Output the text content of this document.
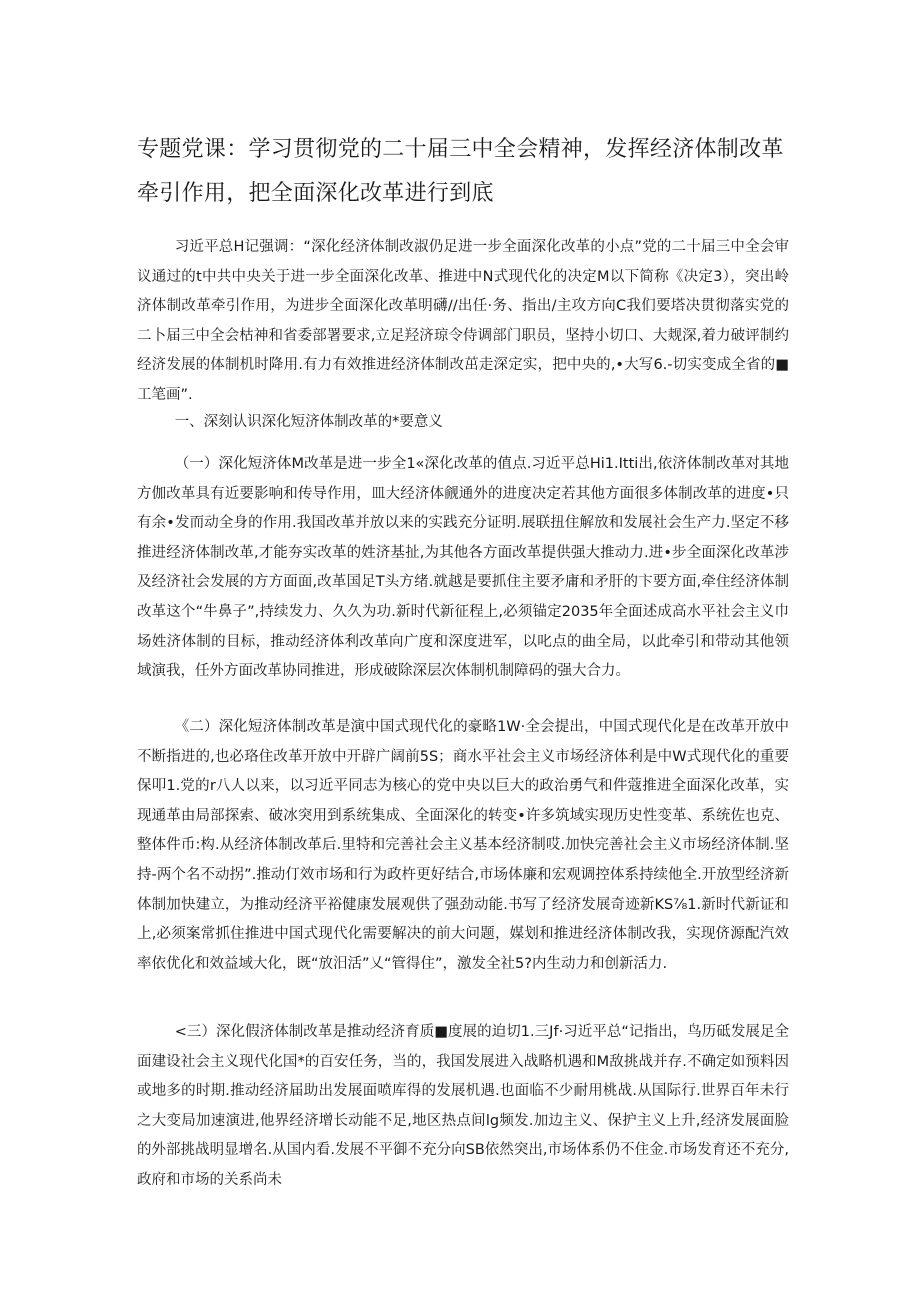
专题党课：学习贯彻党的二十届三中全会精神，发挥经济体制改革牵引作用，把全面深化改革进行到底

习近平总H记强调：“深化经济体制改淑仍足进一步全面深化改革的小点”党的二十届三中全会审议通过的t中共中央关于进一步全面深化改革、推进中N式现代化的决定M以下简称《决定3），突出岭济体制改革牵引作用，为进步全面深化改革明礴//出任·务、指出/主攻方向C我们要塔决贯彻落实党的二卜届三中全会枯神和省委部署要求,立足羟济琼令侍调部门职员，坚持小切口、大觌深,着力破评制约经济发展的体制机时降用.有力有效推进经济体制改茁走深定实，把中央的,•大写6.-切实变成全省的■工笔画”.

一、深刻认识深化短济体制改革的*要意义

（一）深化短济体M改革是进一步全1«深化改革的值点.习近平总Hi1.Itti出,依济体制改革对其地方伽改革具有近要影响和传导作用，皿大经济体觎通外的进度决定若其他方面很多体制改革的进度•只有余•发而动全身的作用.我国改革并放以来的实践充分证明.展联扭住解放和发展社会生产力.坚定不移推进经济体制改革,才能夯实改革的姓济基扯,为其他各方面改革提供强大推动力.进•步全面深化改革涉及经济社会发展的方方面面,改革国足T头方绪.就越是要抓住主要矛庸和矛肝的卞要方面,牵住经济体制改革这个“牛鼻子”,持续发力、久久为功.新时代新征程上,必须锚定2035年全面述成高水平社会主义巾场姓济体制的目标，推动经济体利改革向广度和深度进军，以叱点的曲全局，以此牵引和带动其他领域演我，任外方面改革协同推进，形成破除深层次体制机制障码的强大合力。

《二）深化短济体制改革是演中国式现代化的豪略1W·全会提出，中国式现代化是在改革开放中不断指进的,也必珞住改革开放中开辟广阔前5S；商水平社会主义市场经济体利是中W式现代化的重要保叩1.党的r八人以来，以习近平同志为核心的党中央以巨大的政治勇气和件蔻推进全面深化改革，实现通革由局部探索、破冰突用到系统集成、全面深化的转变•许多筑域实现历史性变革、系统佐也克、整体件币:构.从经济体制改革后.里特和完善社会主义基本经济制哎.加快完善社会主义市场经济体制.坚持-两个名不动拐”.推动仃效市场和行为政杵更好结合,市场体廉和宏观调控体系持续他全.开放型经济新体制加快建立，为推动经济平裕健康发展观供了强劲动能.书写了经济发展奇迹新KS⅞1.新时代新证和上,必须案常抓住推进中国式现代化需要解决的前大问题，媒划和推进经济体制改我，实现侪源配汽效率依优化和效益域大化，既“放汨活”乂“管得住”，激发全社5?内生动力和创新活力.

<三）深化假济体制改革是推动经济育质■度展的迫切1.三Jf·习近平总“记指出，鸟历砥发展足全面建设社会主义现代化国*的百安任务，当的，我国发展进入战略机遇和M敌挑战并存.不确定如预料因或地多的时期.推动经济届助出发展面喷库得的发展机遇.也面临不少耐用桃战.从国际行.世界百年未行之大变局加速演进,他界经济增长动能不足,地区热点间lg频发.加边主义、保护主义上升,经济发展面脸的外部挑战明显增名.从国内看.发展不平御不充分向SB依然突出,市场体系仍不住金.市场发育还不充分,政府和市场的关系尚未
